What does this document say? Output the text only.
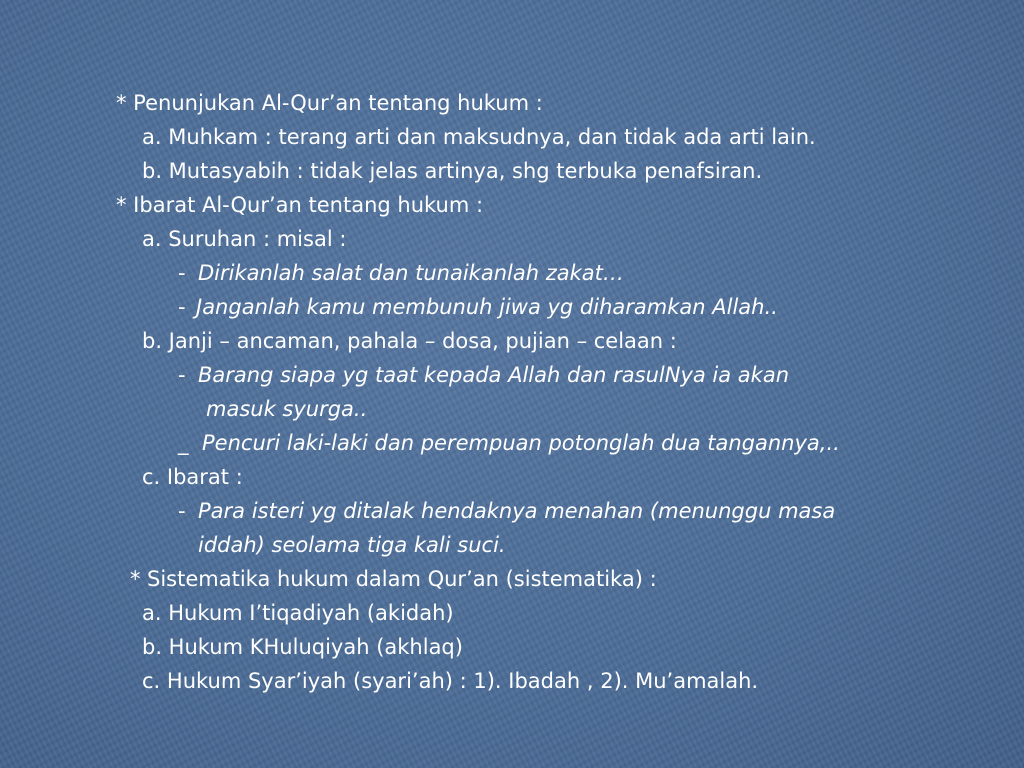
* Penunjukan Al-Qur’an tentang hukum :
a. Muhkam : terang arti dan maksudnya, dan tidak ada arti lain.
b. Mutasyabih : tidak jelas artinya, shg terbuka penafsiran.
* Ibarat Al-Qur’an tentang hukum :
a. Suruhan : misal :
- Dirikanlah salat dan tunaikanlah zakat…
- Janganlah kamu membunuh jiwa yg diharamkan Allah..
b. Janji – ancaman, pahala – dosa, pujian – celaan :
- Barang siapa yg taat kepada Allah dan rasulNya ia akan
masuk syurga..
_ Pencuri laki-laki dan perempuan potonglah dua tangannya,..
c. Ibarat :
- Para isteri yg ditalak hendaknya menahan (menunggu masa
iddah) seolama tiga kali suci.
* Sistematika hukum dalam Qur’an (sistematika) :
a. Hukum I’tiqadiyah (akidah)
b. Hukum KHuluqiyah (akhlaq)
c. Hukum Syar’iyah (syari’ah) : 1). Ibadah , 2). Mu’amalah.
